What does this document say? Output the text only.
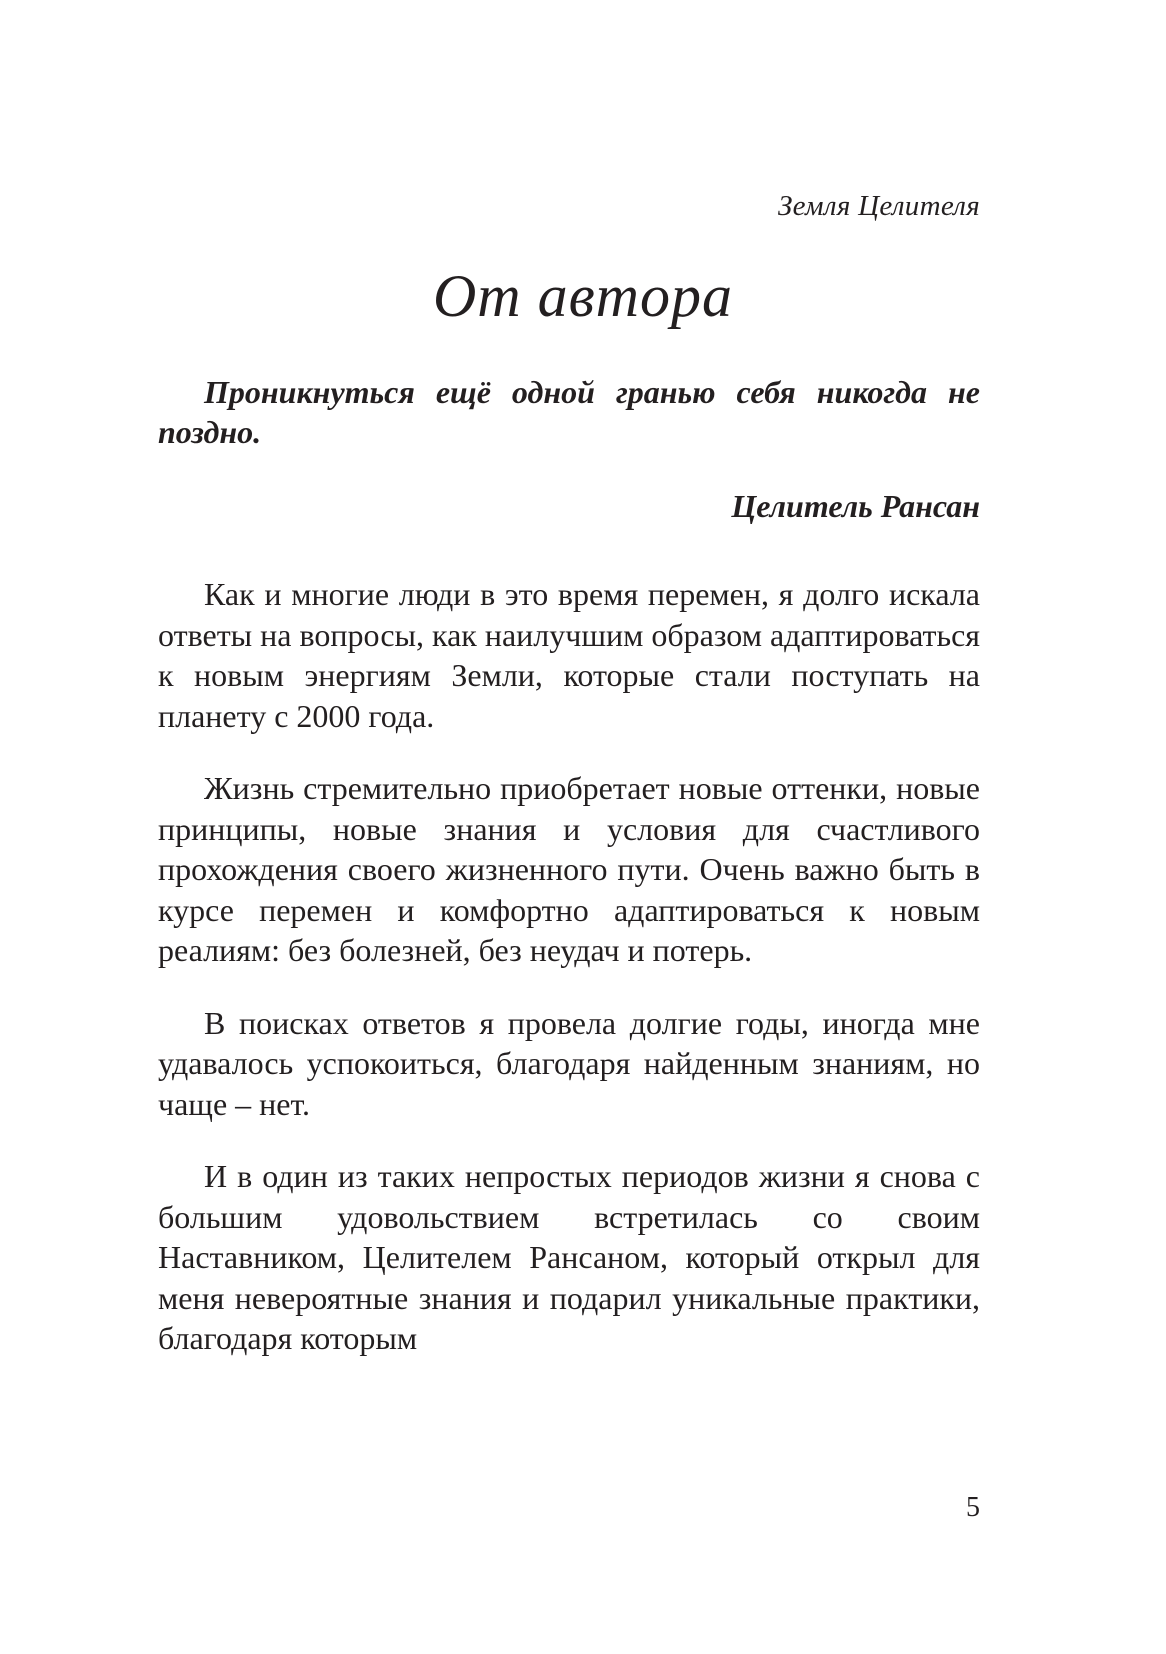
Земля Целителя
От автора

Проникнуться ещё одной гранью себя никогда не поздно.

Целитель Рансан

Как и многие люди в это время перемен, я долго искала ответы на вопросы, как наилучшим образом адаптироваться к новым энергиям Земли, которые стали поступать на планету с 2000 года.

Жизнь стремительно приобретает новые оттенки, новые принципы, новые знания и условия для счастливого прохождения своего жизненного пути. Очень важно быть в курсе перемен и комфортно адаптироваться к новым реалиям: без болезней, без неудач и потерь.

В поисках ответов я провела долгие годы, иногда мне удавалось успокоиться, благодаря найденным знаниям, но чаще – нет.

И в один из таких непростых периодов жизни я снова с большим удовольствием встретилась со своим Наставником, Целителем Рансаном, который открыл для меня невероятные знания и подарил уникальные практики, благодаря которым

5
